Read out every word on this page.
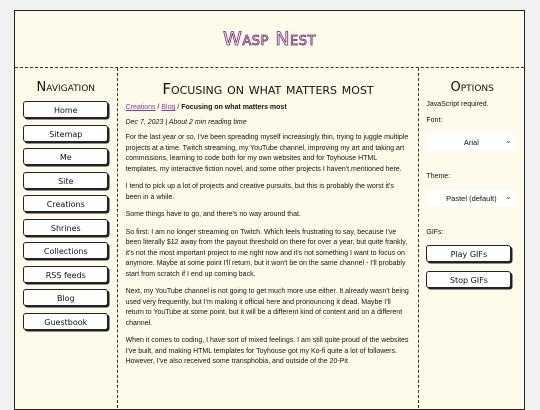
Wasp Nest
Navigation
Home
Sitemap
Me
Site
Creations
Shrines
Collections
RSS feeds
Blog
Guestbook
Focusing on what matters most
Creations / Blog / Focusing on what matters most
Dec 7, 2023 | About 2 min reading time

For the last year or so, I've been spreading myself increasingly thin, trying to juggle multiple projects at a time. Twitch streaming, my YouTube channel, improving my art and taking art commissions, learning to code both for my own websites and for Toyhouse HTML templates, my interactive fiction novel, and some other projects I haven't mentioned here.

I tend to pick up a lot of projects and creative pursuits, but this is probably the worst it's been in a while.

Some things have to go, and there's no way around that.

So first: I am no longer streaming on Twitch. Which feels frustrating to say, because I've been literally $12 away from the payout threshold on there for over a year, but quite frankly, it's not the most important project to me right now and it's not something I want to focus on anymore. Maybe at some point I'll return, but it won't be on the same channel - I'll probably start from scratch if I end up coming back.

Next, my YouTube channel is not going to get much more use either. It already wasn't being used very frequently, but I'm making it official here and pronouncing it dead. Maybe I'll return to YouTube at some point, but it will be a different kind of content and on a different channel.

When it comes to coding, I have sort of mixed feelings. I am still quite proud of the websites I've built, and making HTML templates for Toyhouse got my Ko-fi quite a lot of followers. However, I've also received some transphobia, and outside of the 20-Pit

Options

JavaScript required.

Font:

Arial	⌄

Theme:

Pastel (default) ⌄

GIFs:

Play GIFs
Stop GIFs
